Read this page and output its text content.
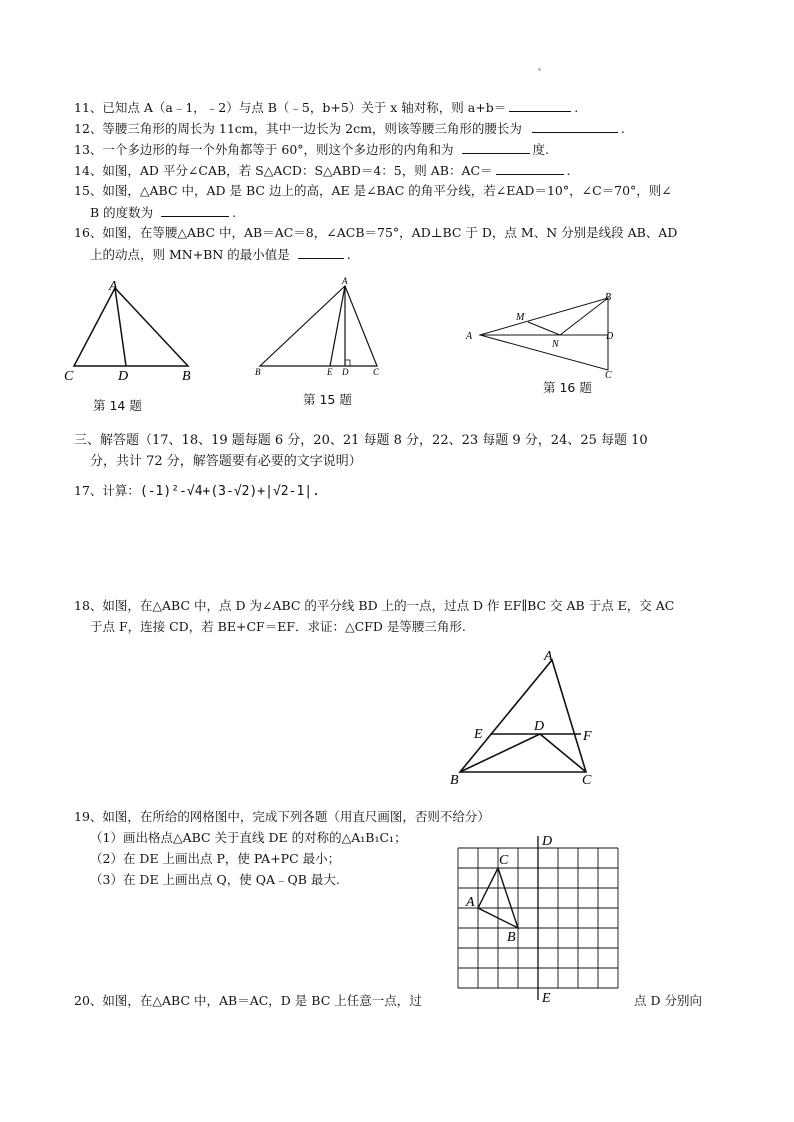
11、已知点 A（a﹣1，﹣2）与点 B（﹣5，b+5）关于 x 轴对称，则 a+b＝	.
12、等腰三角形的周长为 11cm，其中一边长为 2cm，则该等腰三角形的腰长为	.
13、一个多边形的每一个外角都等于 60°，则这个多边形的内角和为	度.
14、如图，AD 平分∠CAB，若 S△ACD：S△ABD＝4：5，则 AB：AC＝	.
15、如图，△ABC 中，AD 是 BC 边上的高，AE 是∠BAC 的角平分线，若∠EAD＝10°，∠C＝70°，则∠
B 的度数为	.
16、如图，在等腰△ABC 中，AB＝AC＝8，∠ACB＝75°，AD⊥BC 于 D，点 M、N 分别是线段 AB、AD
上的动点，则 MN+BN 的最小值是	.
A
C	D	B
第 14 题
A
B	E D	C
第 15 题
A
B
M
N
D
C
第 16 题
三、解答题（17、18、19 题每题 6 分，20、21 每题 8 分，22、23 每题 9 分，24、25 每题 10
分，共计 72 分，解答题要有必要的文字说明）
17、计算：(-1)²-√4+(3-√2)+|√2-1|.
18、如图，在△ABC 中，点 D 为∠ABC 的平分线 BD 上的一点，过点 D 作 EF∥BC 交 AB 于点 E，交 AC
于点 F，连接 CD，若 BE+CF＝EF．求证：△CFD 是等腰三角形.
A
E
D
F
B	C
19、如图，在所给的网格图中，完成下列各题（用直尺画图，否则不给分）
（1）画出格点△ABC 关于直线 DE 的对称的△A₁B₁C₁；
（2）在 DE 上画出点 P，使 PA+PC 最小；
（3）在 DE 上画出点 Q，使 QA﹣QB 最大.
D
E
C
A
B
20、如图，在△ABC 中，AB＝AC，D 是 BC 上任意一点，过	点 D 分别向
